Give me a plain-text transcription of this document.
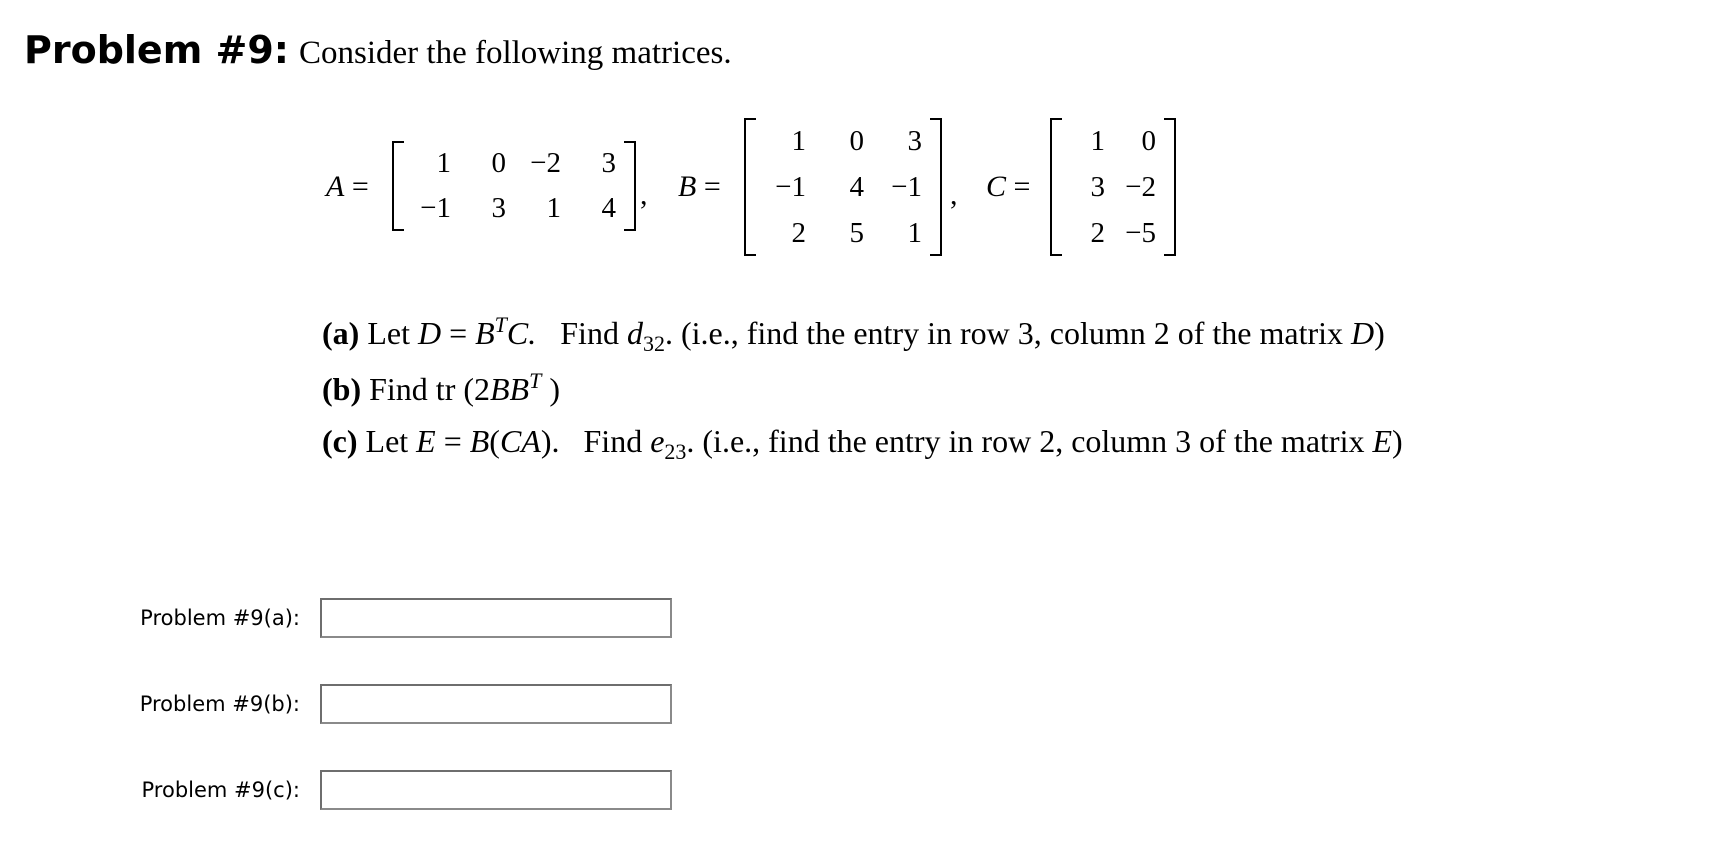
Problem #9: Consider the following matrices.
A =
1	0 −2	3
−1	3	1	4 , B =
1	0	3
−1	4 −1
2	5	1
, C =
1	0
3 −2
2 −5
(a) Let $D = B^TC$. Find $d_{32}$. (i.e., find the entry in row 3, column 2 of the matrix D)
(b) Find tr ($2BB^T$ )
(c) Let E = B(CA). Find $e_{23}$. (i.e., find the entry in row 2, column 3 of the matrix E)
Problem #9(a):
Problem #9(b):
Problem #9(c):
